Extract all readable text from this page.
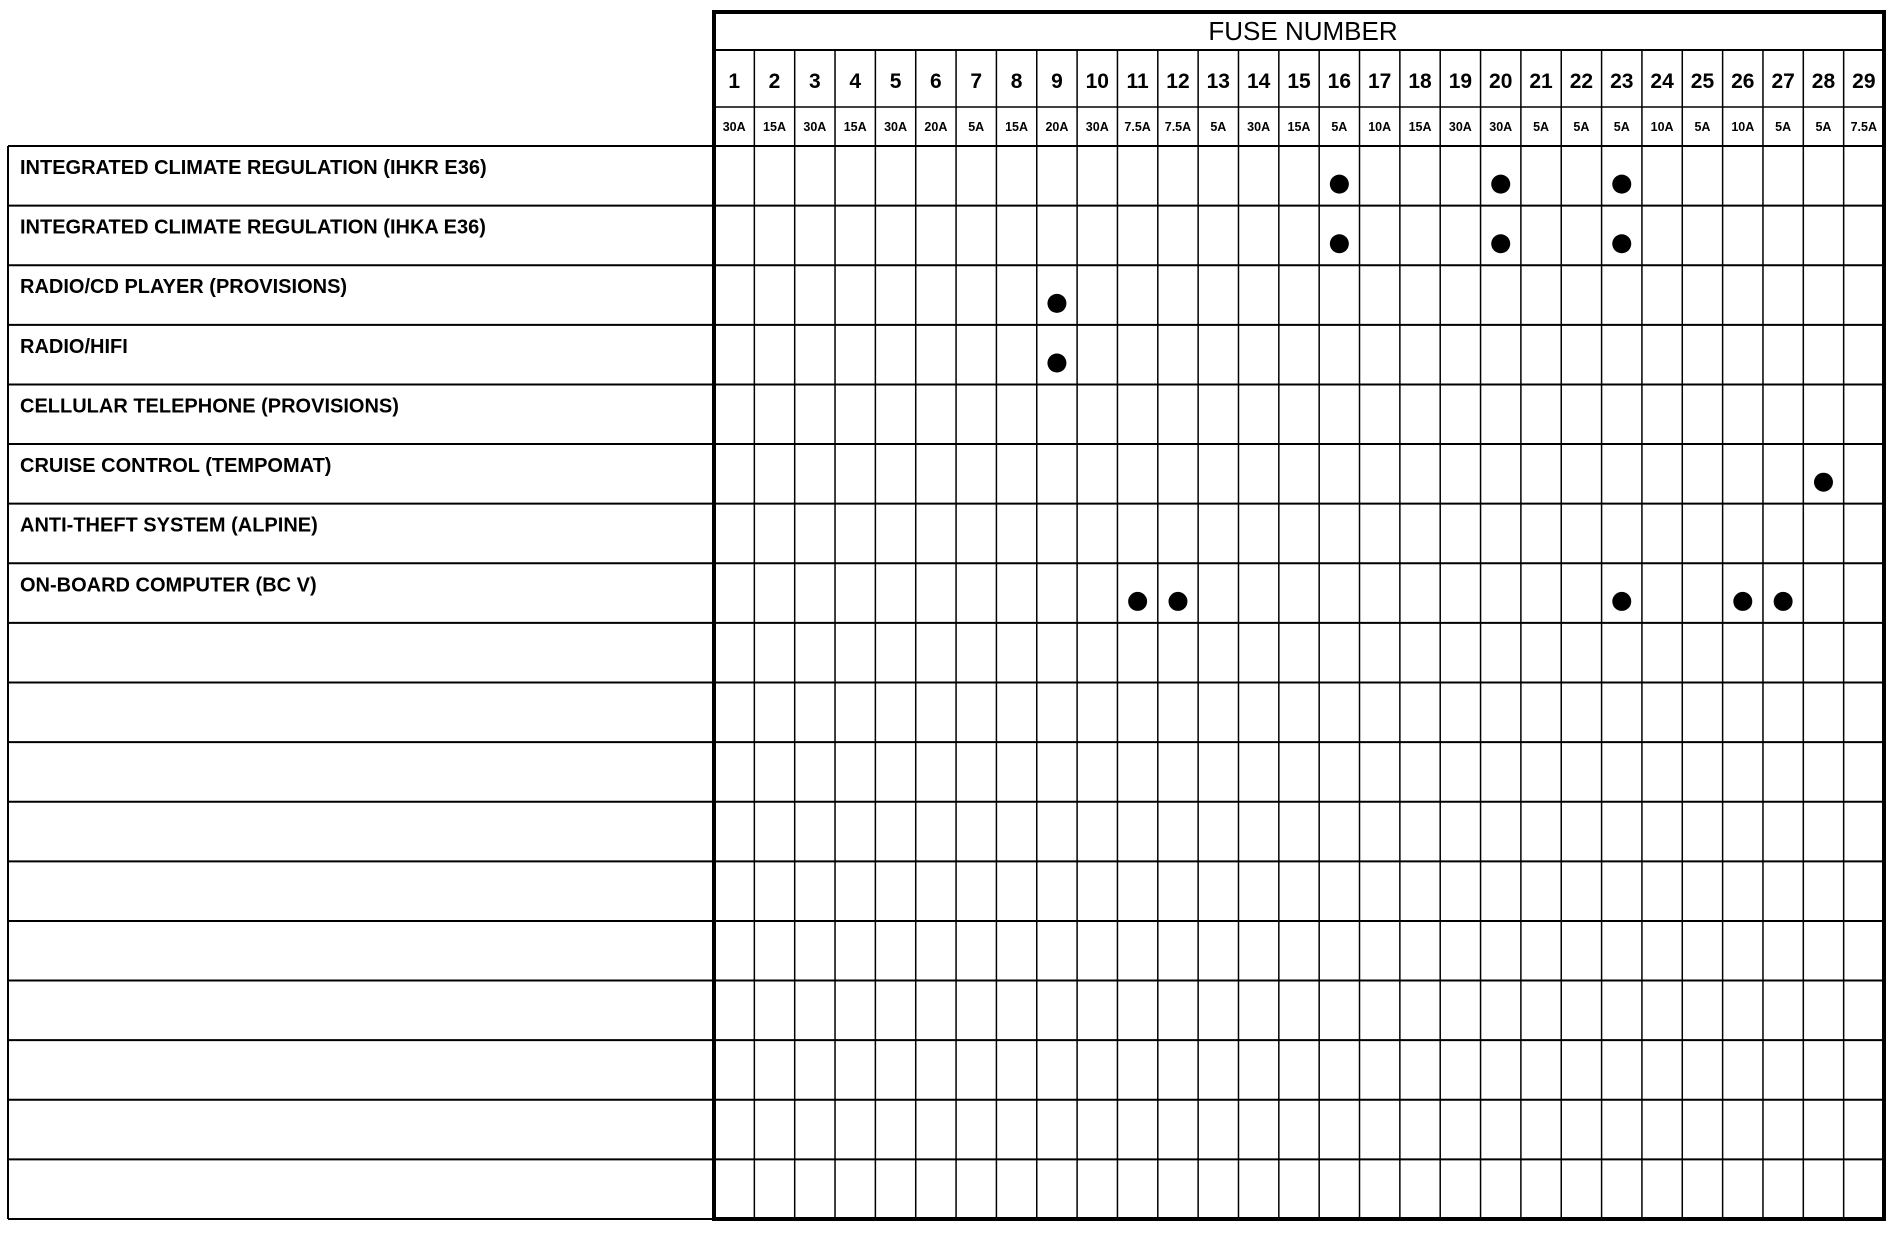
FUSE NUMBER
1 2 3 4 5 6 7 8 9 10 11 12 13 14 15 16 17 18 19 20 21 22 23 24 25 26 27 28 29
30A 15A 30A 15A 30A 20A 5A 15A 20A 30A 7.5A 7.5A 5A 30A 15A 5A 10A 15A 30A 30A 5A 5A 5A 10A 5A 10A 5A 5A 7.5A
INTEGRATED CLIMATE REGULATION (IHKR E36)
INTEGRATED CLIMATE REGULATION (IHKA E36)
RADIO/CD PLAYER (PROVISIONS)
RADIO/HIFI
CELLULAR TELEPHONE (PROVISIONS)
CRUISE CONTROL (TEMPOMAT)
ANTI-THEFT SYSTEM (ALPINE)
ON-BOARD COMPUTER (BC V)
